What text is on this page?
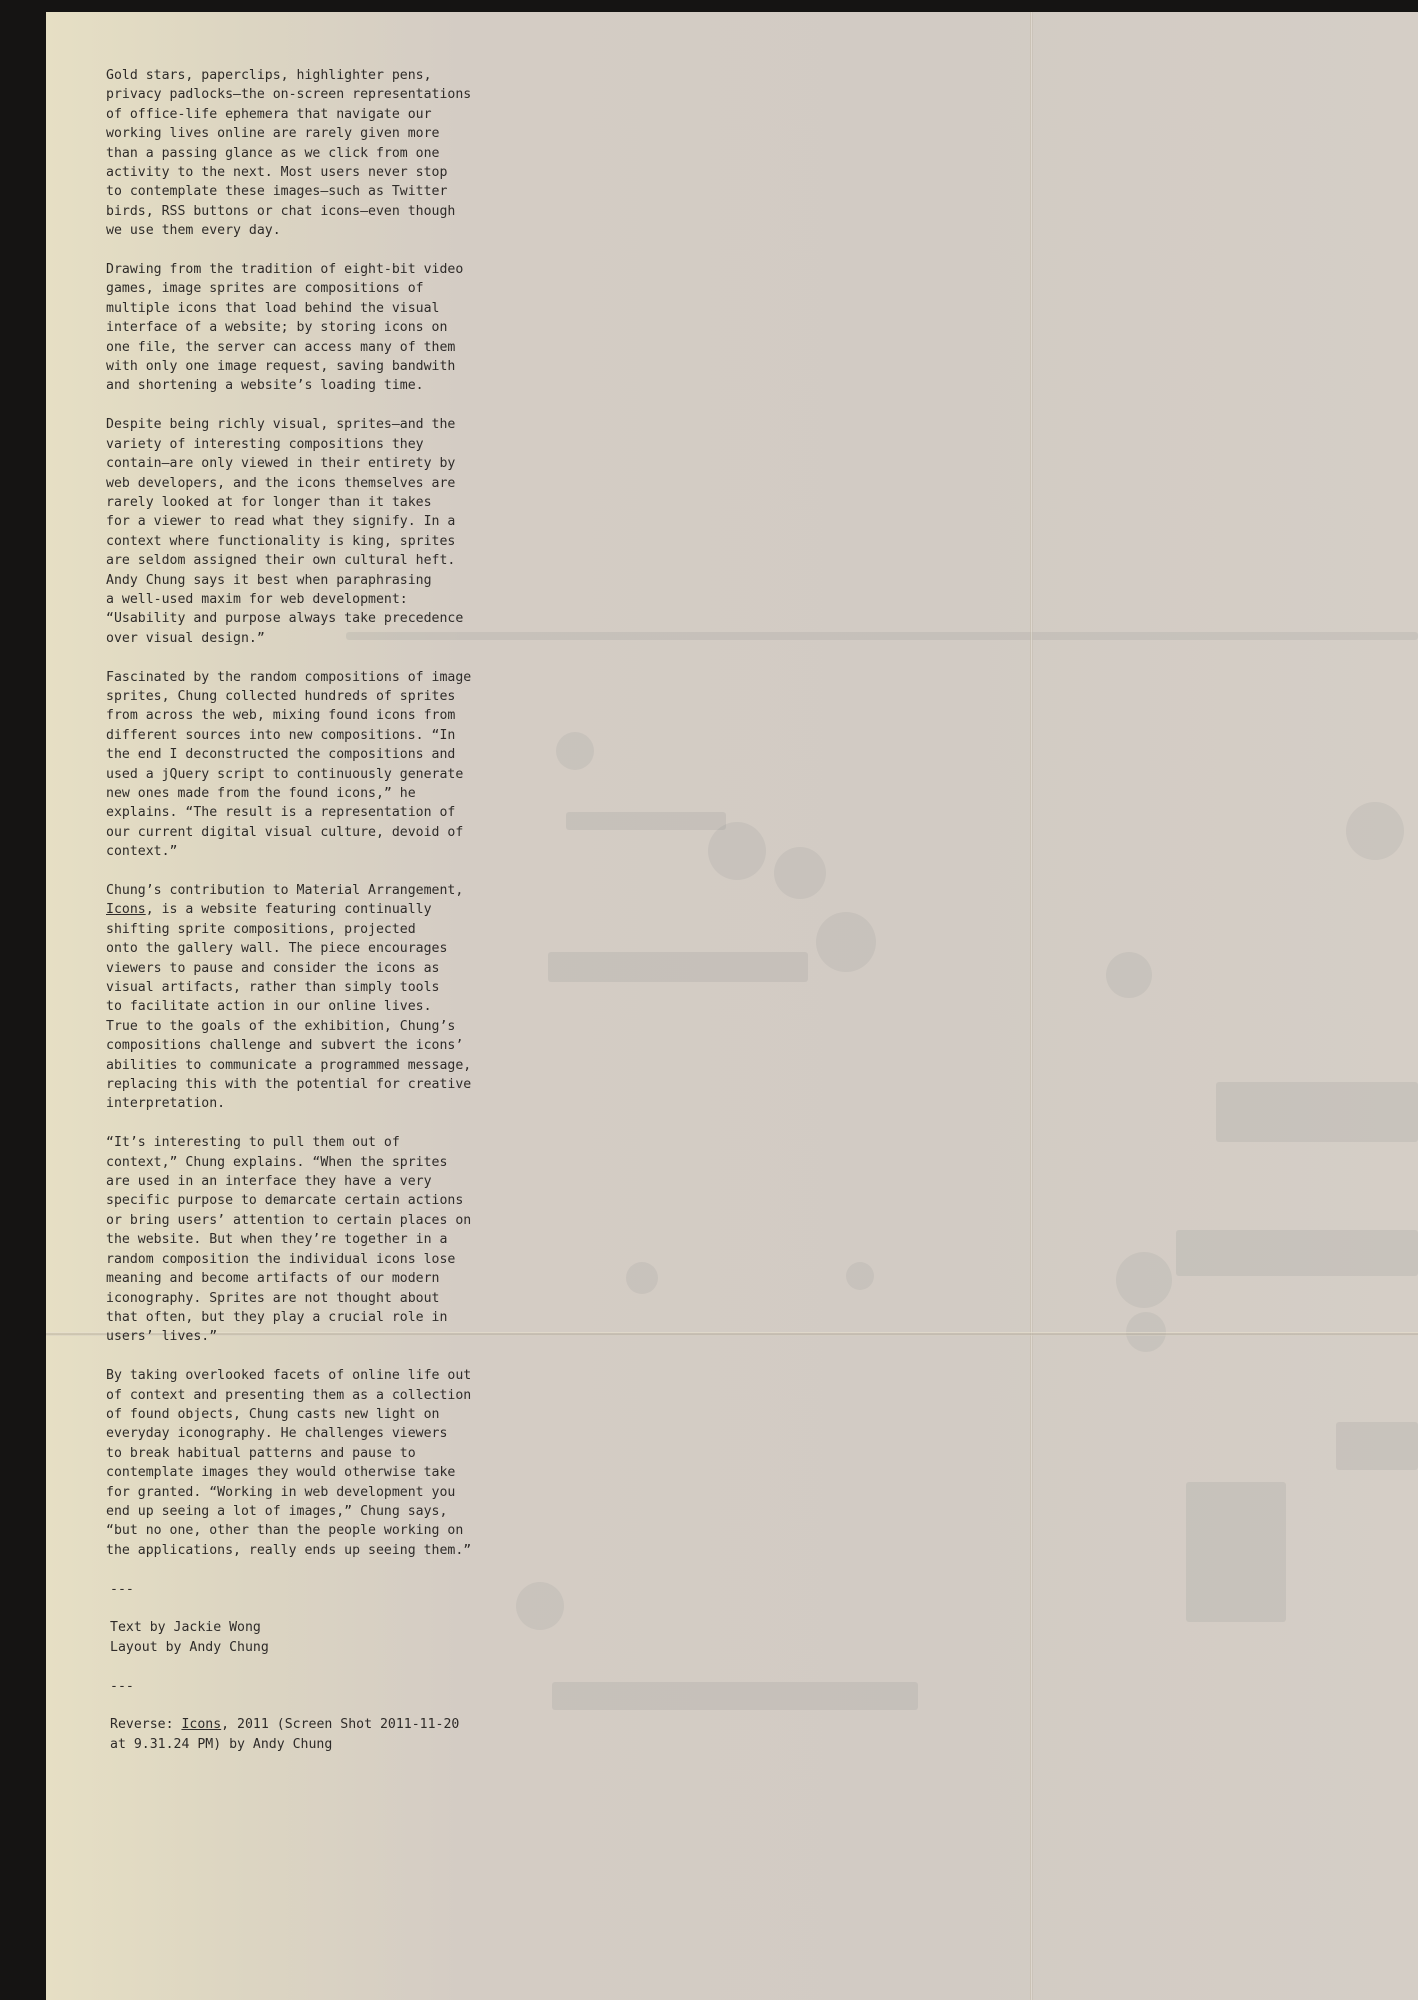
Gold stars, paperclips, highlighter pens,
privacy padlocks—the on-screen representations
of office-life ephemera that navigate our
working lives online are rarely given more
than a passing glance as we click from one
activity to the next. Most users never stop
to contemplate these images—such as Twitter
birds, RSS buttons or chat icons—even though
we use them every day.

Drawing from the tradition of eight-bit video
games, image sprites are compositions of
multiple icons that load behind the visual
interface of a website; by storing icons on
one file, the server can access many of them
with only one image request, saving bandwith
and shortening a website’s loading time.

Despite being richly visual, sprites—and the
variety of interesting compositions they
contain—are only viewed in their entirety by
web developers, and the icons themselves are
rarely looked at for longer than it takes
for a viewer to read what they signify. In a
context where functionality is king, sprites
are seldom assigned their own cultural heft.
Andy Chung says it best when paraphrasing
a well-used maxim for web development:
“Usability and purpose always take precedence
over visual design.”

Fascinated by the random compositions of image
sprites, Chung collected hundreds of sprites
from across the web, mixing found icons from
different sources into new compositions. “In
the end I deconstructed the compositions and
used a jQuery script to continuously generate
new ones made from the found icons,” he
explains. “The result is a representation of
our current digital visual culture, devoid of
context.”

Chung’s contribution to Material Arrangement,
Icons, is a website featuring continually
shifting sprite compositions, projected
onto the gallery wall. The piece encourages
viewers to pause and consider the icons as
visual artifacts, rather than simply tools
to facilitate action in our online lives.
True to the goals of the exhibition, Chung’s
compositions challenge and subvert the icons’
abilities to communicate a programmed message,
replacing this with the potential for creative
interpretation.

“It’s interesting to pull them out of
context,” Chung explains. “When the sprites
are used in an interface they have a very
specific purpose to demarcate certain actions
or bring users’ attention to certain places on
the website. But when they’re together in a
random composition the individual icons lose
meaning and become artifacts of our modern
iconography. Sprites are not thought about
that often, but they play a crucial role in
users’ lives.”

By taking overlooked facets of online life out
of context and presenting them as a collection
of found objects, Chung casts new light on
everyday iconography. He challenges viewers
to break habitual patterns and pause to
contemplate images they would otherwise take
for granted. “Working in web development you
end up seeing a lot of images,” Chung says,
“but no one, other than the people working on
the applications, really ends up seeing them.”

---

Text by Jackie Wong

Layout by Andy Chung

---

Reverse: Icons, 2011 (Screen Shot 2011-11-20
at 9.31.24 PM) by Andy Chung
